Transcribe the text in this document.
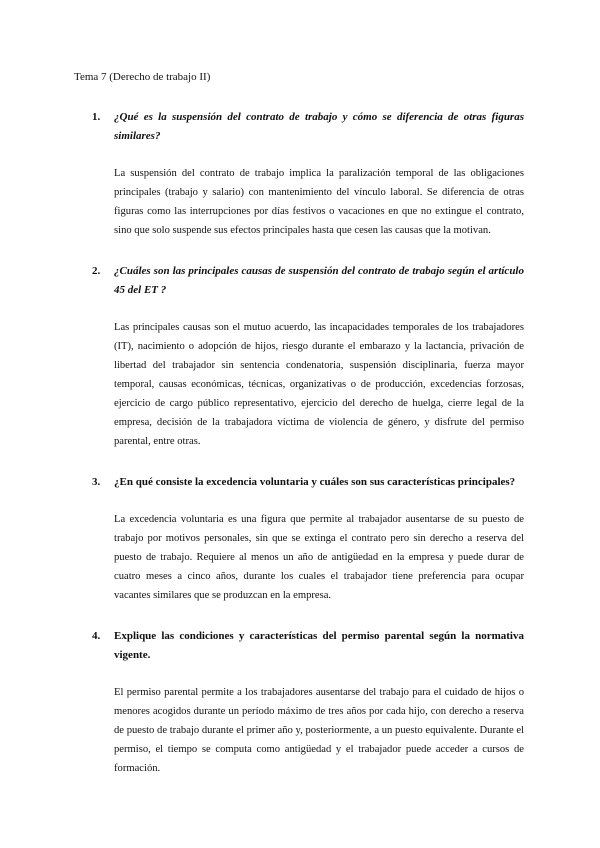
Tema 7 (Derecho de trabajo II)
1.	¿Qué es la suspensión del contrato de trabajo y cómo se diferencia de otras figuras similares?
La suspensión del contrato de trabajo implica la paralización temporal de las obligaciones principales (trabajo y salario) con mantenimiento del vínculo laboral. Se diferencia de otras figuras como las interrupciones por días festivos o vacaciones en que no extingue el contrato, sino que solo suspende sus efectos principales hasta que cesen las causas que la motivan.
2.	¿Cuáles son las principales causas de suspensión del contrato de trabajo según el artículo 45 del ET ?
Las principales causas son el mutuo acuerdo, las incapacidades temporales de los trabajadores (IT), nacimiento o adopción de hijos, riesgo durante el embarazo y la lactancia, privación de libertad del trabajador sin sentencia condenatoria, suspensión disciplinaria, fuerza mayor temporal, causas económicas, técnicas, organizativas o de producción, excedencias forzosas, ejercicio de cargo público representativo, ejercicio del derecho de huelga, cierre legal de la empresa, decisión de la trabajadora víctima de violencia de género, y disfrute del permiso parental, entre otras.
3.	¿En qué consiste la excedencia voluntaria y cuáles son sus características principales?
La excedencia voluntaria es una figura que permite al trabajador ausentarse de su puesto de trabajo por motivos personales, sin que se extinga el contrato pero sin derecho a reserva del puesto de trabajo. Requiere al menos un año de antigüedad en la empresa y puede durar de cuatro meses a cinco años, durante los cuales el trabajador tiene preferencia para ocupar vacantes similares que se produzcan en la empresa.
4.	Explique las condiciones y características del permiso parental según la normativa vigente.
El permiso parental permite a los trabajadores ausentarse del trabajo para el cuidado de hijos o menores acogidos durante un período máximo de tres años por cada hijo, con derecho a reserva de puesto de trabajo durante el primer año y, posteriormente, a un puesto equivalente. Durante el permiso, el tiempo se computa como antigüedad y el trabajador puede acceder a cursos de formación.
